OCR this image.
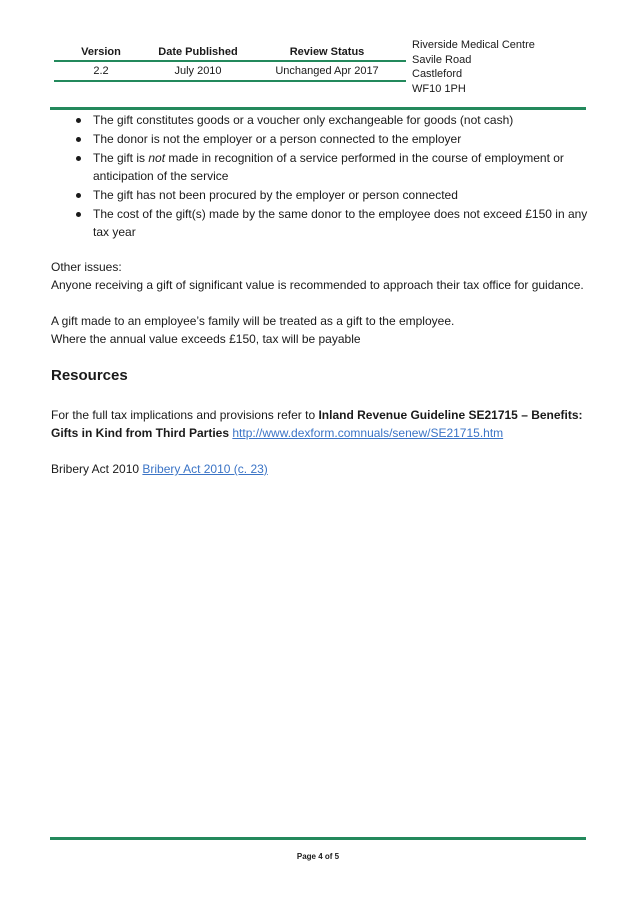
Version	Date Published	Review Status
2.2	July 2010	Unchanged Apr 2017
Riverside Medical Centre
Savile Road
Castleford
WF10 1PH
The gift constitutes goods or a voucher only exchangeable for goods (not cash)
The donor is not the employer or a person connected to the employer
The gift is not made in recognition of a service performed in the course of employment or anticipation of the service
The gift has not been procured by the employer or person connected
The cost of the gift(s) made by the same donor to the employee does not exceed £150 in any tax year
Other issues:
Anyone receiving a gift of significant value is recommended to approach their tax office for guidance.
A gift made to an employee’s family will be treated as a gift to the employee.
Where the annual value exceeds £150, tax will be payable
Resources
For the full tax implications and provisions refer to Inland Revenue Guideline SE21715 – Benefits:
Gifts in Kind from Third Parties http://www.dexform.comnuals/senew/SE21715.htm
Bribery Act 2010 Bribery Act 2010 (c. 23)
Page 4 of 5
